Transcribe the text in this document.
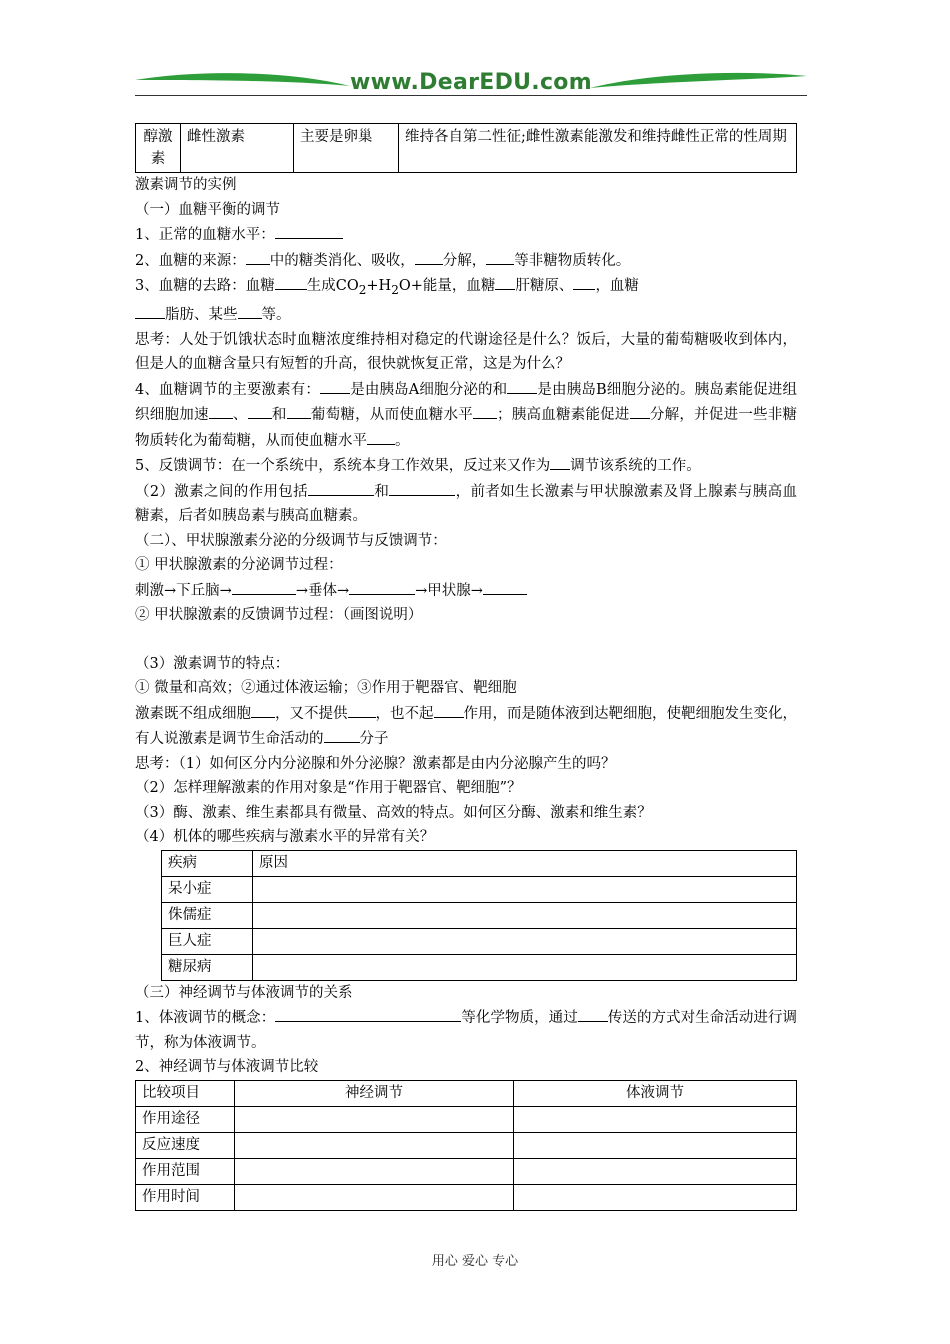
www.DearEDU.com
醇激素	雌性激素	主要是卵巢	维持各自第二性征;雌性激素能激发和维持雌性正常的性周期
激素调节的实例
（一）血糖平衡的调节
1、正常的血糖水平：
2、血糖的来源： 中的糖类消化、吸收， 分解， 等非糖物质转化。
3、血糖的去路：血糖 生成$CO_2+H_2O+$能量，血糖 肝糖原、 ，血糖
脂肪、某些 等。
思考：人处于饥饿状态时血糖浓度维持相对稳定的代谢途径是什么？饭后，大量的葡萄糖吸收到体内，但是人的血糖含量只有短暂的升高，很快就恢复正常，这是为什么？
4、血糖调节的主要激素有： 是由胰岛A细胞分泌的和 是由胰岛B细胞分泌的。胰岛素能促进组织细胞加速 、 和 葡萄糖，从而使血糖水平 ；胰高血糖素能促进 分解，并促进一些非糖物质转化为葡萄糖，从而使血糖水平 。
5、反馈调节：在一个系统中，系统本身工作效果，反过来又作为 调节该系统的工作。
（2）激素之间的作用包括	和	，前者如生长激素与甲状腺激素及肾上腺素与胰高血糖素，后者如胰岛素与胰高血糖素。
（二）、甲状腺激素分泌的分级调节与反馈调节：
① 甲状腺激素的分泌调节过程：
刺激→下丘脑→	→垂体→	→甲状腺→
② 甲状腺激素的反馈调节过程：（画图说明）
（3）激素调节的特点：
① 微量和高效；②通过体液运输；③作用于靶器官、靶细胞
激素既不组成细胞 ，又不提供 ，也不起 作用，而是随体液到达靶细胞，使靶细胞发生变化，有人说激素是调节生命活动的 分子
思考：（1）如何区分内分泌腺和外分泌腺？激素都是由内分泌腺产生的吗？
（2）怎样理解激素的作用对象是“作用于靶器官、靶细胞”？
（3）酶、激素、维生素都具有微量、高效的特点。如何区分酶、激素和维生素？
（4）机体的哪些疾病与激素水平的异常有关？
疾病	原因
呆小症	
侏儒症	
巨人症	
糖尿病	
（三）神经调节与体液调节的关系
1、体液调节的概念：	等化学物质，通过 传送的方式对生命活动进行调节，称为体液调节。
2、神经调节与体液调节比较
比较项目	神经调节	体液调节
作用途径		
反应速度		
作用范围		
作用时间		
用心 爱心 专心
